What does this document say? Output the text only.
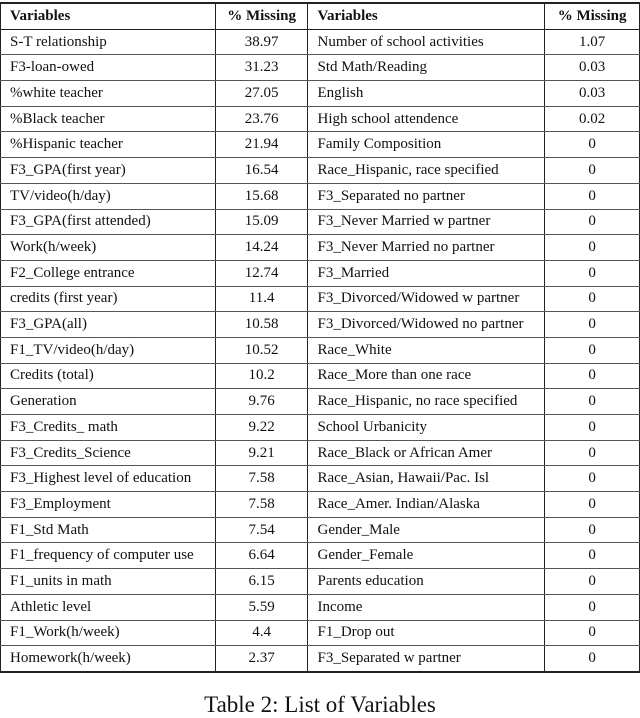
Variables	% Missing	Variables	% Missing
S-T relationship	38.97	Number of school activities	1.07
F3-loan-owed	31.23	Std Math/Reading	0.03
%white teacher	27.05	English	0.03
%Black teacher	23.76	High school attendence	0.02
%Hispanic teacher	21.94	Family Composition	0
F3_GPA(first year)	16.54	Race_Hispanic, race specified	0
TV/video(h/day)	15.68	F3_Separated no partner	0
F3_GPA(first attended)	15.09	F3_Never Married w partner	0
Work(h/week)	14.24	F3_Never Married no partner	0
F2_College entrance	12.74	F3_Married	0
credits (first year)	11.4	F3_Divorced/Widowed w partner	0
F3_GPA(all)	10.58	F3_Divorced/Widowed no partner	0
F1_TV/video(h/day)	10.52	Race_White	0
Credits (total)	10.2	Race_More than one race	0
Generation	9.76	Race_Hispanic, no race specified	0
F3_Credits_ math	9.22	School Urbanicity	0
F3_Credits_Science	9.21	Race_Black or African Amer	0
F3_Highest level of education	7.58	Race_Asian, Hawaii/Pac. Isl	0
F3_Employment	7.58	Race_Amer. Indian/Alaska	0
F1_Std Math	7.54	Gender_Male	0
F1_frequency of computer use	6.64	Gender_Female	0
F1_units in math	6.15	Parents education	0
Athletic level	5.59	Income	0
F1_Work(h/week)	4.4	F1_Drop out	0
Homework(h/week)	2.37	F3_Separated w partner	0
Table 2: List of Variables
